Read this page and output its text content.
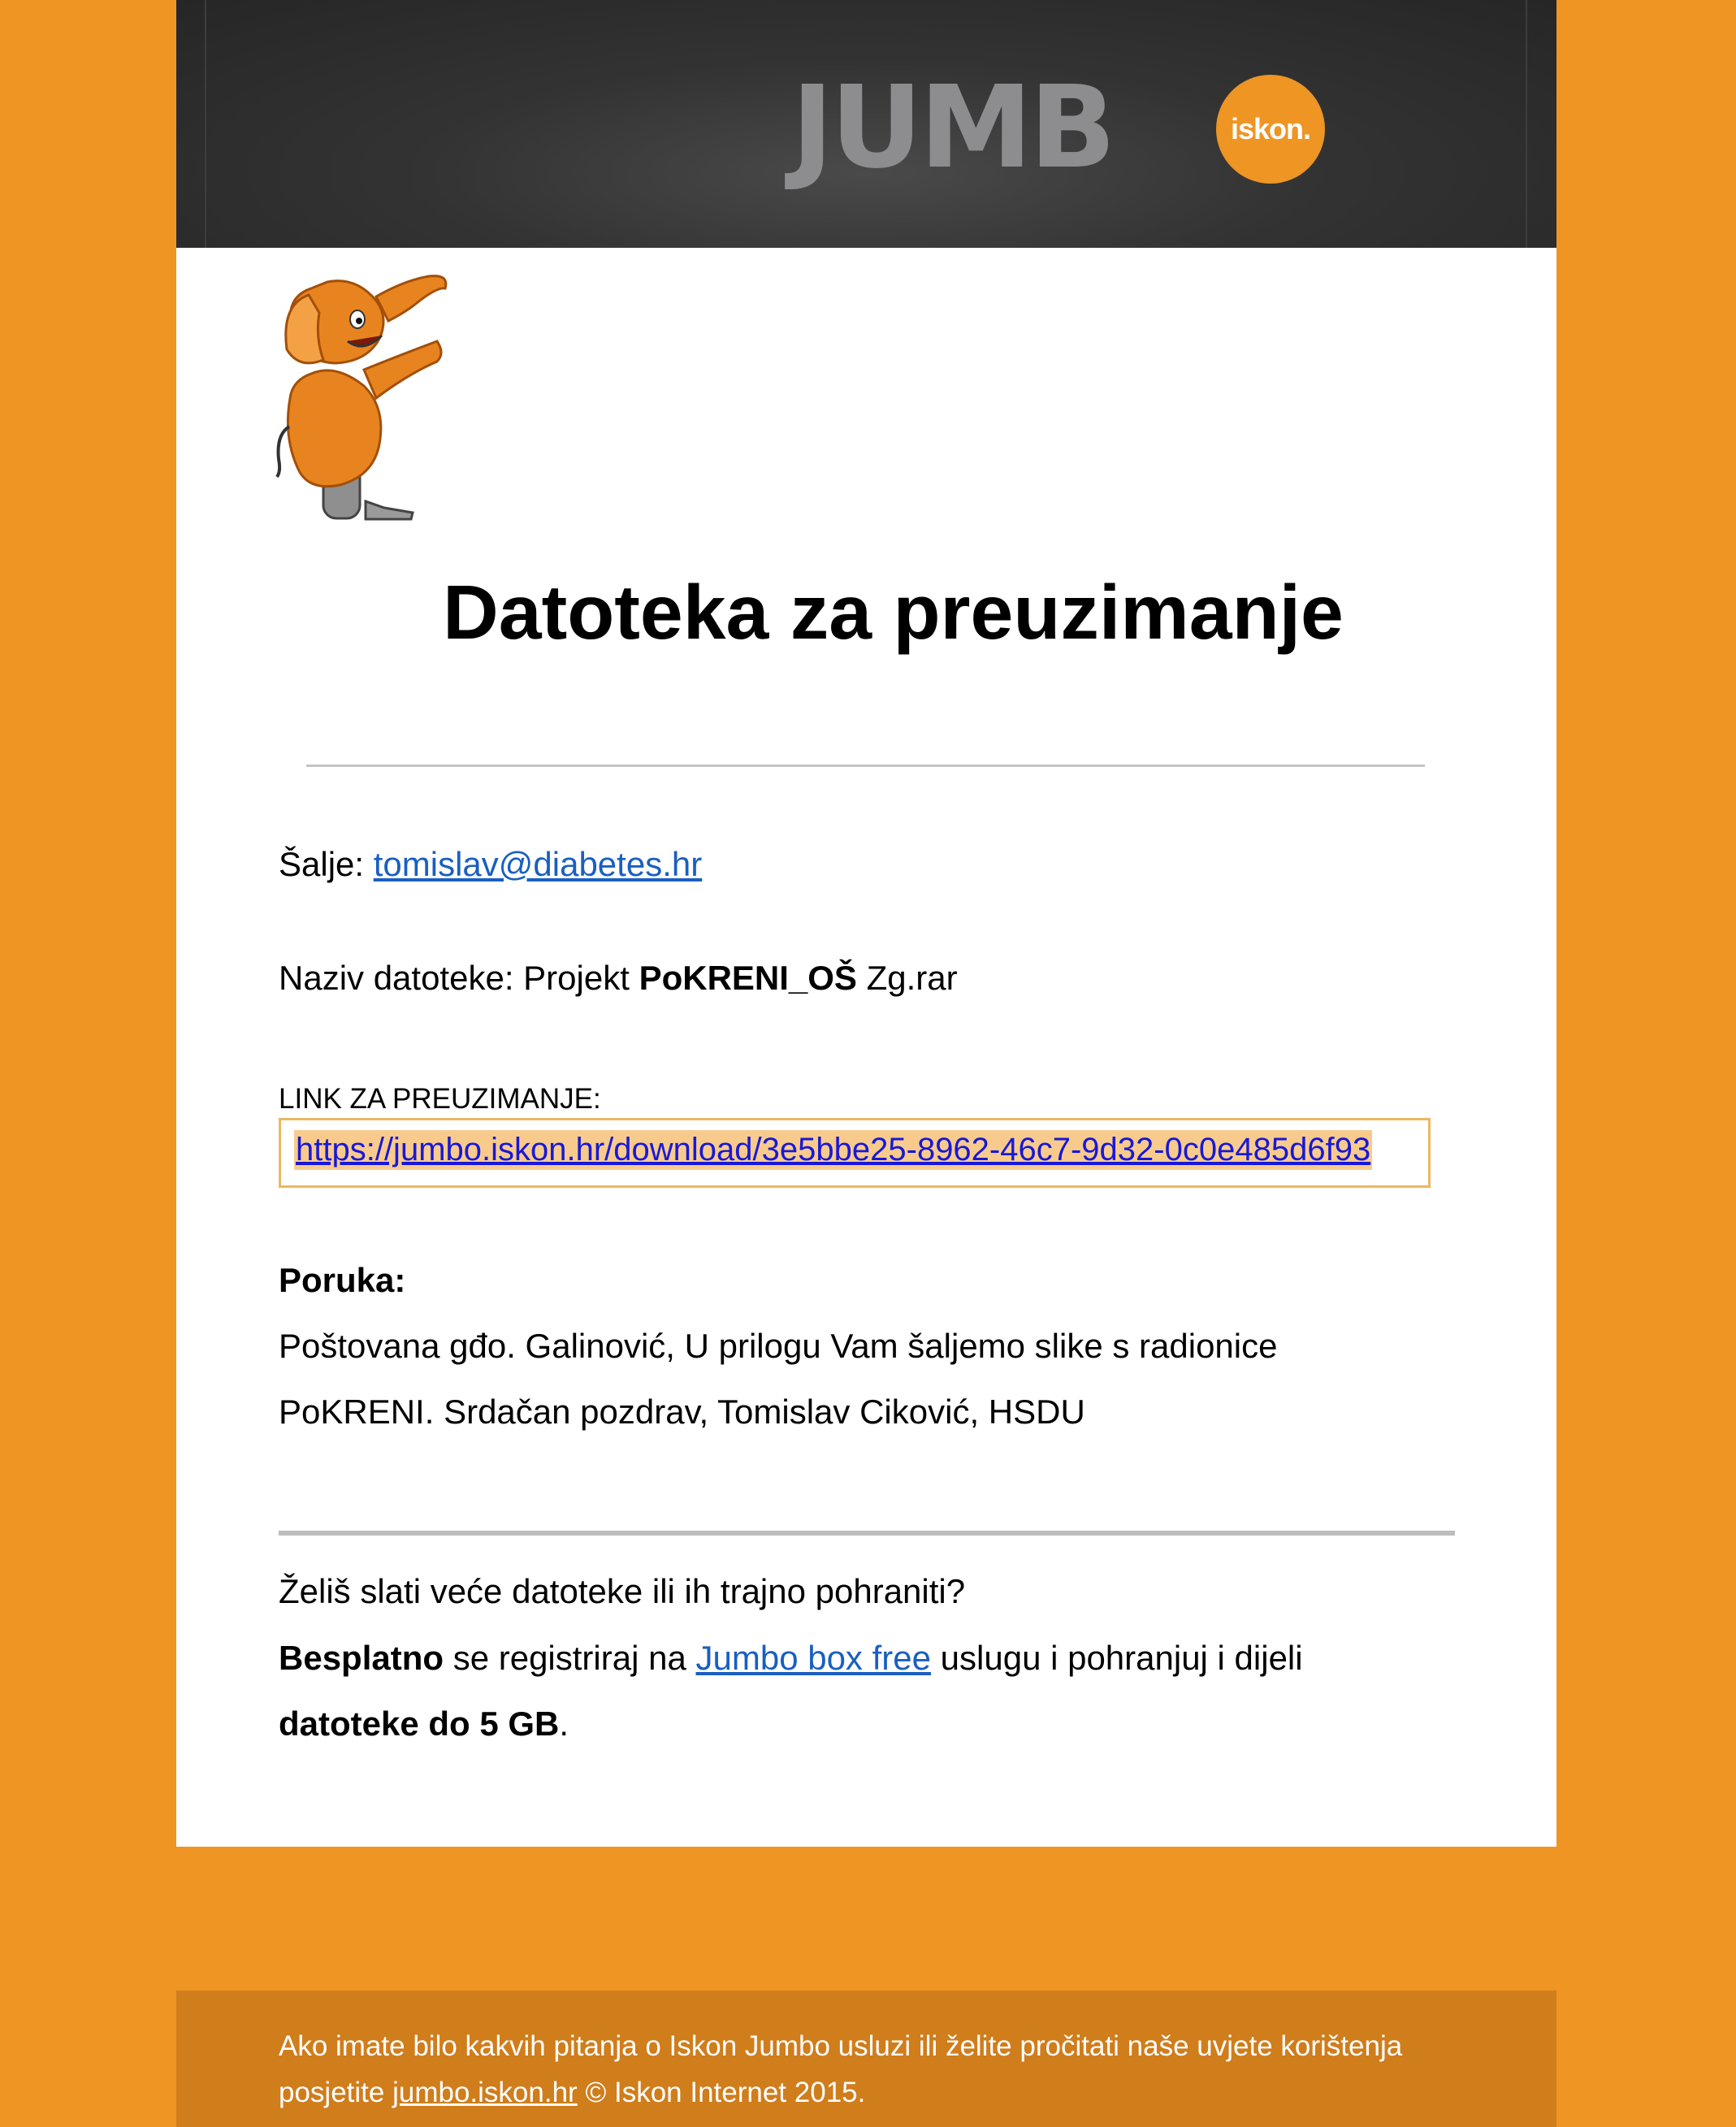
JUMB	iskon.
Datoteka za preuzimanje
Šalje: tomislav@diabetes.hr
Naziv datoteke: Projekt PoKRENI_OŠ Zg.rar
LINK ZA PREUZIMANJE:
https://jumbo.iskon.hr/download/3e5bbe25-8962-46c7-9d32-0c0e485d6f93
Poruka:
Poštovana gđo. Galinović, U prilogu Vam šaljemo slike s radionice
PoKRENI. Srdačan pozdrav, Tomislav Ciković, HSDU
Želiš slati veće datoteke ili ih trajno pohraniti?
Besplatno se registriraj na Jumbo box free uslugu i pohranjuj i dijeli
datoteke do 5 GB.
Ako imate bilo kakvih pitanja o Iskon Jumbo usluzi ili želite pročitati naše uvjete korištenja
posjetite jumbo.iskon.hr © Iskon Internet 2015.
